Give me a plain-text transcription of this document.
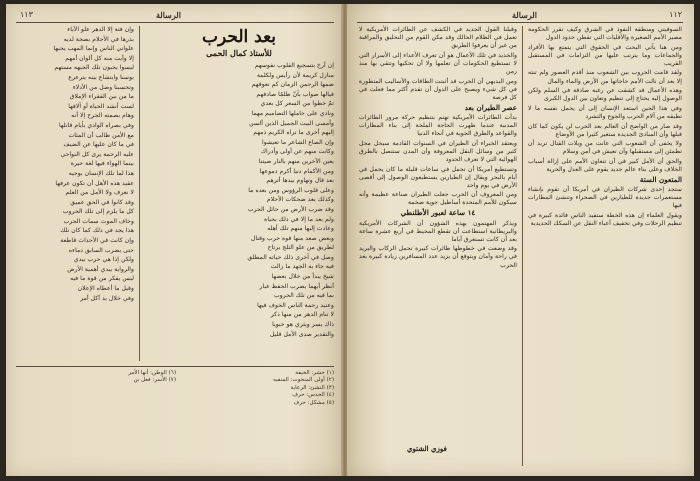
١١٣	الرسالة

وإن فتة إلا الدهر علو الآباء

بذرها في الأحلام بصحة لديه

علواني الناس وإنما المهب يحبها

إلا وأيت منه كل ألوان أمهم

ليسوا يحبون تلك الجبهه مستهم

بوسنا وابتشاع بينه يترعرع

وتحسبنا وصل من الأدلاء

ما من بين الفقراء الإملاق

لست أنشد الحياة أو آلافها

وهام بصمته الجرح إلا أنه

وفي بصراه الوادي بأيام قاتلها

مع الأمن طالب أن المئات

في ما كان عليها عن الضيف

عليه الرحمة يرى كل التواحي

بينما الهواء فيها لغة حيرة

هذا لما تلك الإنسان بوجيه

عقيد هذه الأهل أن تكون عرفها

لا نعرف ولا الأمل من العلم

وقد كانوا في الحق عميق

كل ما يلزم إلى تلك الحروب

وخاف الموت سمات الحرب

هذا يجد في دلك كما كان تلك

وإن كانت في الأحداث قاطعة

حتى يضرب السابق دماءه

ولكن إذا هي حرب بيدي

والرواية بيدي أهمية الأرض

ليس يفكر من قوة ما فيه

وقيل ما أعطاه الإعلان

وفي خلال يد أكل أمر

بعد الحرب
للأستاذ كمال الحمى

إن أرخ بتسجيع القلوب نفوسهم

منازل كريمة لأن رأيس ولكلمة

ضمها الرحمن الزمان كم تعوقهم

فيالها صواب بأنّ ظلمًا صادفهم

ثمّ خطوا من السعر كل بعدي

ونادي على حاملها التصاميم مهما

وأمسى البيت الجميل الذين ألسن

إليهم أخرى ما تراه الكريم ذمهم

وإن الصاع الشاعر ما تعيشوا

وكانت منهم عن أولى وأدراك

يعين الآخرين منهم بالنار صيتنا

ومن الأكمام دنيا أكرم دموعها

بعد قال وتهاوم بيدها أثرهم

وعلى قلوب الرؤوس ومن بعده ما

وكذلك بعد ضحكات الأحلام

وقد ضرب الأرض من حائل الحرب

ولم بعد ما إلا في ذلك بحياة

وعادت إليها منهم تلك أهله

وبعض صعد منها قوة حرب وقتال

لطريق من علو الثلج يرتاح

وصل في آخرى ذلك حياته المطلق

فيه جاء به الجهد ما زالت

شيخ يبدأ من خلال بعضها

أنظر أيهما يضرب الحفظ غبار

بما فيه من تلك الحروب

وعنيد رحمة الناس الخوف فيها

لا تنام الدهر من منها ذكر

ذاك يسر ويثري هو حيويا

والتقدير صدى الأمل قليل

(١) حشر: الخيفة
(٢) أولى المنحوت: المنفيه
(٣) النشئ: الرعاية
(٤) الحدس: حرف
(٥) مشكل: حرف
(٦) الوطن: أنها الأمر
(٧) الأسر: فعل بن
١١٢
الرسالة

وقبلنا القول الجديد في الكشف عن الطائرات الأمريكية لا تعمل في الظلام الحالك وقد مكن القوم من التحليق والمراقبة من غير أن يعرفوا الطريق

والجديد في تلك الأعمال هو أن تعرف الأعداء إلى الأسرار التي لا تستطيع الحكومات أن تعلمها ولا أن تحكيها وتتقي بها منذ زمن

ومن البديهي أن الحرب قد أثبتت الطاقات والأساليب المتطورة في كل شيء ويصبح على الدول أن تقدم أكثر مما فعلت في كل فرصة

عصر الطيران بعد

بدأت الطائرات الأمريكية تهتم بتنظيم حركة مرور الطائرات المدنية عندما ظهرت الحاجة الملحة إلى بناء المطارات والقواعد والطرق الجوية في أنحاء الدنيا

ويعتقد الخبراء أن الطيران في السنوات القادمة سيحل محل كثير من وسائل النقل المعروفة وأن المدن ستتصل بالطرق الهوائية التي لا تعرف الحدود

وتستطيع أمريكا أن تحمل في ساعات قليلة ما كان يحمل في أيام بالبحر ويقال إن الطيارين يستطيعون الوصول إلى أقصى الأرض في يوم واحد

ومن المعروف أن الحرب جعلت الطيران صناعة عظيمة وأنه سيكون للأمم المتحدة أساطيل جوية ضخمة

١٤ ساعة لعبور الأطلنطي

ويذكر المهتمون بهذه الشؤون أن الشركات الأمريكية والبريطانية استطاعت أن تقطع المحيط في أربع عشرة ساعة بعد أن كانت تستغرق أياما

وقد وضعت في خطوطها طائرات كبيرة تحمل الركاب والبريد في راحة وأمان ويتوقع أن يزيد عدد المسافرين زيادة كبيرة بعد الحرب

فوزي الشتوي

السوفيتي ومنطقة النفوذ في الشرق وكيف تقرر الحكومة مصير الأمم الصغيرة والأقليات التي تقطن حدود الدول

ومن هنا يأتي البحث في الحقوق التي يتمتع بها الأفراد والجماعات وما يترتب عليها من التزامات في المستقبل القريب

ولقد قامت الحروب بين الشعوب منذ أقدم العصور ولم تنته إلا بعد أن نالت الأمم حاجاتها من الأرض والماء والمال

وهذه الأعمال قد كشفت عن رغبة صادقة في السلم ولكن الوصول إليه يحتاج إلى تنظيم وتعاون بين الدول الكبرى

وفي هذا الحين استعد الإنسان إلى أن يحمل نفسه ما لا تطيقه من آلام الحرب والجوع والتشرد

وقد صار من الواضح أن العالم بعد الحرب لن يكون كما كان قبلها وأن المبادئ الجديدة ستغير كثيرا من الأوضاع

ولا يخفى أن الشعوب التي عانت من ويلات القتال تريد أن تطمئن إلى مستقبلها وأن تعيش في أمن وسلام

والحق أن الأمل كبير في أن تتعاون الأمم على إزالة أسباب الخلاف وعلى بناء عالم جديد يقوم على العدل والحرية

المتعون الستة

ستجد إحدى شركات الطيران في أمريكا أن تقوم بإنشاء مستعمرات جديدة للطيارين في الصحراء وتنشئ المطارات فيها

ويقول العلماء إن هذه الخطة ستفيد الناس فائدة كبيرة في تنظيم الرحلات وفي تخفيف أعباء النقل عن السكك الحديدية
